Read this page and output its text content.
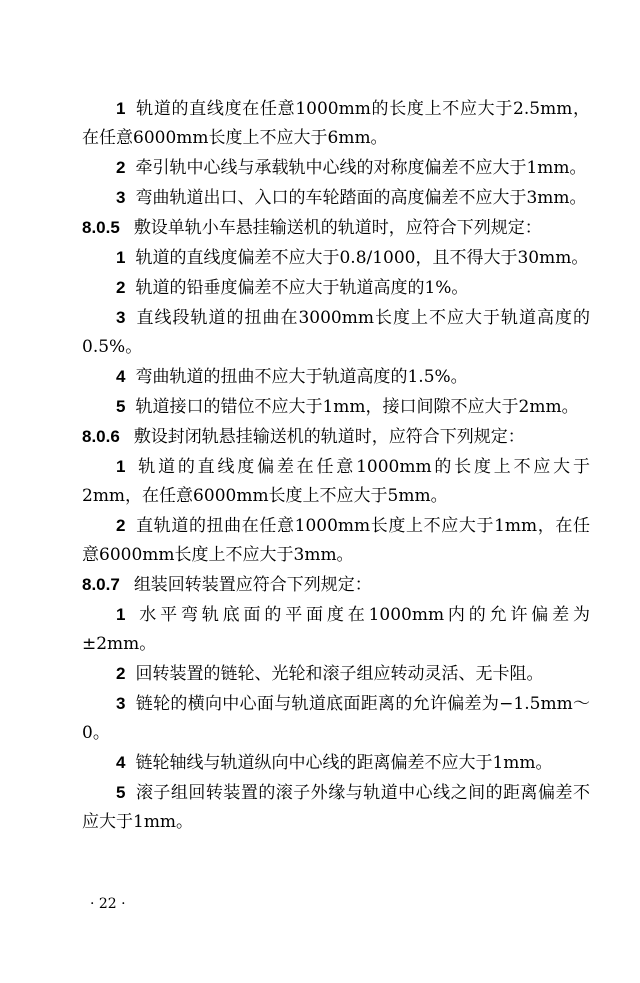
1 轨道的直线度在任意1000mm的长度上不应大于2.5mm，在任意6000mm长度上不应大于6mm。

2 牵引轨中心线与承载轨中心线的对称度偏差不应大于1mm。

3 弯曲轨道出口、入口的车轮踏面的高度偏差不应大于3mm。

8.0.5 敷设单轨小车悬挂输送机的轨道时，应符合下列规定：

1 轨道的直线度偏差不应大于0.8/1000，且不得大于30mm。

2 轨道的铅垂度偏差不应大于轨道高度的1%。

3 直线段轨道的扭曲在3000mm长度上不应大于轨道高度的0.5%。

4 弯曲轨道的扭曲不应大于轨道高度的1.5%。

5 轨道接口的错位不应大于1mm，接口间隙不应大于2mm。

8.0.6 敷设封闭轨悬挂输送机的轨道时，应符合下列规定：

1 轨道的直线度偏差在任意1000mm的长度上不应大于2mm，在任意6000mm长度上不应大于5mm。

2 直轨道的扭曲在任意1000mm长度上不应大于1mm，在任意6000mm长度上不应大于3mm。

8.0.7 组装回转装置应符合下列规定：

1 水平弯轨底面的平面度在1000mm内的允许偏差为±2mm。

2 回转装置的链轮、光轮和滚子组应转动灵活、无卡阻。

3 链轮的横向中心面与轨道底面距离的允许偏差为−1.5mm～0。

4 链轮轴线与轨道纵向中心线的距离偏差不应大于1mm。

5 滚子组回转装置的滚子外缘与轨道中心线之间的距离偏差不应大于1mm。

· 22 ·
